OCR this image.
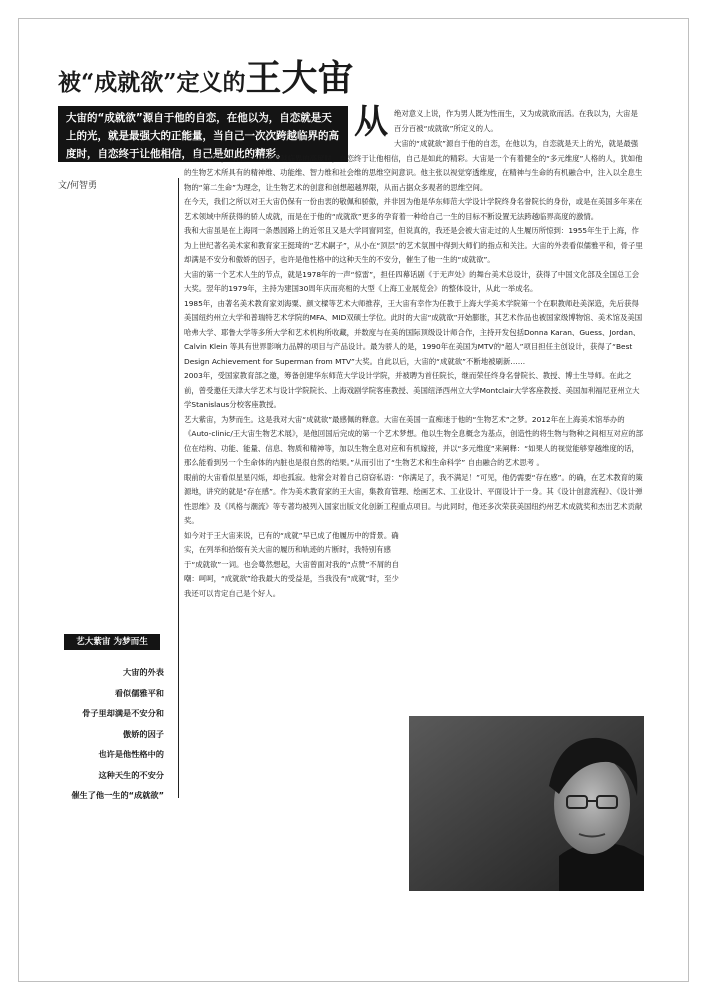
被“成就欲”定义的王大宙
大宙的“成就欲”源自于他的自恋，在他以为，自恋就是天上的光，就是最强大的正能量，当自己一次次跨越临界的高度时，自恋终于让他相信，自己是如此的精彩。
文/何智勇
从 绝对意义上说，作为男人既为性而生，又为成就欲而活。在我以为，大宙是百分百被“成就欲”所定义的人。

大宙的“成就欲”源自于他的自恋，在他以为，自恋就是天上的光，就是最强大的正能量，当自己一次次跨越临界的高度时，自恋终于让他相信，自己是如此的精彩。大宙是一个有着健全的“多元维度”人格的人，犹如他的生物艺术所具有的精神维、功能维、智力维和社会维的思维空间意识。他主张以视觉穿透维度，在精神与生命的有机融合中，注入以全息生物的“第二生命”为理念，让生物艺术的创意和创想超越界限，从而占据众多观者的思维空间。

在今天，我们之所以对王大宙仍保有一份由衷的敬佩和骄傲，并非因为他是华东师范大学设计学院终身名誉院长的身份，或是在美国多年来在艺术领域中所获得的骄人成就，而是在于他的“成就欲”更多的孕育着一种给自己一生的目标不断设置无法跨越临界高度的激情。

我和大宙虽是在上海同一条愚园路上的近邻且又是大学同窗同室，但说真的，我还是会被大宙走过的人生履历所惊到：1955年生于上海，作为上世纪著名美术家和教育家王挺琦的“艺术嗣子”，从小在“顶层”的艺术氛围中得到大师们的指点和关注。大宙的外表看似儒雅平和，骨子里却满是不安分和傲娇的因子，也许是他性格中的这种天生的不安分，催生了他一生的“成就欲”。

大宙的第一个艺术人生的节点，就是1978年的一声“惊雷”，担任四幕话剧《于无声处》的舞台美术总设计，获得了中国文化部及全国总工会大奖。翌年的1979年，主持为建国30周年庆而亮相的大型《上海工业展览会》的整体设计，从此一举成名。

1985年，由著名美术教育家刘海粟、颜文樑等艺术大师推荐，王大宙有幸作为任教于上海大学美术学院第一个在职教师赴美深造，先后获得美国纽约州立大学和普瑞特艺术学院的MFA、MID双硕士学位。此时的大宙“成就欲”开始膨胀，其艺术作品也被国家级博物馆、美术馆及美国哈弗大学、耶鲁大学等多所大学和艺术机构所收藏，并数度与在美的国际顶级设计师合作，主持开发包括Donna Karan、Guess、Jordan、Calvin Klein 等具有世界影响力品牌的项目与产品设计。最为骄人的是，1990年在美国为MTV的“超人”项目担任主创设计，获得了“Best Design Achievement for Superman from MTV”大奖。自此以后，大宙的“成就欲”不断地被刷新……

2003年，受国家教育部之邀，筹备创建华东师范大学设计学院，并被聘为首任院长，继而荣任终身名誉院长、教授、博士生导师。在此之前，曾受邀任天津大学艺术与设计学院院长、上海戏剧学院客座教授、美国纽泽西州立大学Montclair大学客座教授、美国加利福尼亚州立大学Stanislaus分校客座教授。

艺大紫宙，为梦而生。这是我对大宙“成就欲”最感佩的释意。大宙在美国一直痴迷于他的“生物艺术”之梦。2012年在上海美术馆举办的《Auto-clinic/王大宙生物艺术展》，是他回国后完成的第一个艺术梦想。他以生物全息概念为基点，创造性的将生物与物种之间相互对应的部位在结构、功能、能量、信息、物质和精神等，加以生物全息对应和有机嫁接，并以“多元维度”来阐释：“如果人的视觉能够穿越维度的话，那么能看到另一个生命体的内脏也是很自然的结果。”从而引出了“生物艺术和生命科学” 自由融合的艺术思考 。

眼前的大宙看似星星闪烁，却也孤寂。他常会对着自己窃窃私语：“你满足了，我不满足！”可见，他仍需要“存在感”。的确，在艺术教育的策源地，讲究的就是“存在感”。作为美术教育家的王大宙，集教育管理、绘画艺术、工业设计、平面设计于一身。其《设计创意流程》、《设计弹性思维》及《风格与潮流》等专著均被列入国家出版文化创新工程重点项目。与此同时，他还多次荣获美国纽约州艺术成就奖和杰出艺术贡献奖。

如今对于王大宙来说，已有的“成就”早已成了他履历中的背景。确实，在列举和拾缀有关大宙的履历和轨迹的片断时，我特别有感于“成就欲”一词。也会蓦然想起，大宙曾面对我的“点赞”不屑的自嘲：呵呵，“成就欲”给我最大的受益是，当我没有“成就”时，至少我还可以肯定自己是个好人。

艺大紫宙 为梦而生
大宙的外表
看似儒雅平和
骨子里却满是不安分和
傲娇的因子
也许是他性格中的
这种天生的不安分
催生了他一生的“成就欲”
